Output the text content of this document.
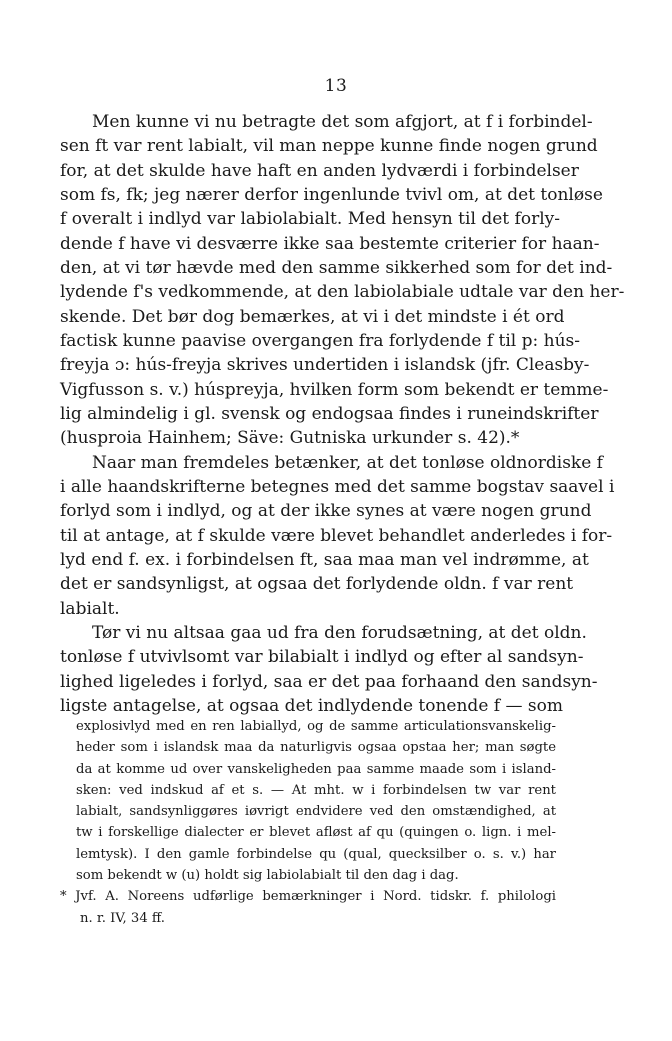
13
Men kunne vi nu betragte det som afgjort, at f i forbindel-
sen ft var rent labialt, vil man neppe kunne finde nogen grund
for, at det skulde have haft en anden lydværdi i forbindelser
som fs, fk; jeg nærer derfor ingenlunde tvivl om, at det tonløse
f overalt i indlyd var labiolabialt. Med hensyn til det forly-
dende f have vi desværre ikke saa bestemte criterier for haan-
den, at vi tør hævde med den samme sikkerhed som for det ind-
lydende f's vedkommende, at den labiolabiale udtale var den her-
skende. Det bør dog bemærkes, at vi i det mindste i ét ord
factisk kunne paavise overgangen fra forlydende f til p: hús-
freyja ɔ: hús-freyja skrives undertiden i islandsk (jfr. Cleasby-
Vigfusson s. v.) húspreyja, hvilken form som bekendt er temme-
lig almindelig i gl. svensk og endogsaa findes i runeindskrifter
(husproia Hainhem; Säve: Gutniska urkunder s. 42).*
Naar man fremdeles betænker, at det tonløse oldnordiske f
i alle haandskrifterne betegnes med det samme bogstav saavel i
forlyd som i indlyd, og at der ikke synes at være nogen grund
til at antage, at f skulde være blevet behandlet anderledes i for-
lyd end f. ex. i forbindelsen ft, saa maa man vel indrømme, at
det er sandsynligst, at ogsaa det forlydende oldn. f var rent
labialt.
Tør vi nu altsaa gaa ud fra den forudsætning, at det oldn.
tonløse f utvivlsomt var bilabialt i indlyd og efter al sandsyn-
lighed ligeledes i forlyd, saa er det paa forhaand den sandsyn-
ligste antagelse, at ogsaa det indlydende tonende f — som
explosivlyd med en ren labiallyd, og de samme articulationsvanskelig-
heder som i islandsk maa da naturligvis ogsaa opstaa her; man søgte
da at komme ud over vanskeligheden paa samme maade som i island-
sken: ved indskud af et s. — At mht. w i forbindelsen tw var rent
labialt, sandsynliggøres iøvrigt endvidere ved den omstændighed, at
tw i forskellige dialecter er blevet afløst af qu (quingen o. lign. i mel-
lemtysk). I den gamle forbindelse qu (qual, quecksilber o. s. v.) har
som bekendt w (u) holdt sig labiolabialt til den dag i dag.
* Jvf. A. Noreens udførlige bemærkninger i Nord. tidskr. f. philologi
n. r. IV, 34 ff.
